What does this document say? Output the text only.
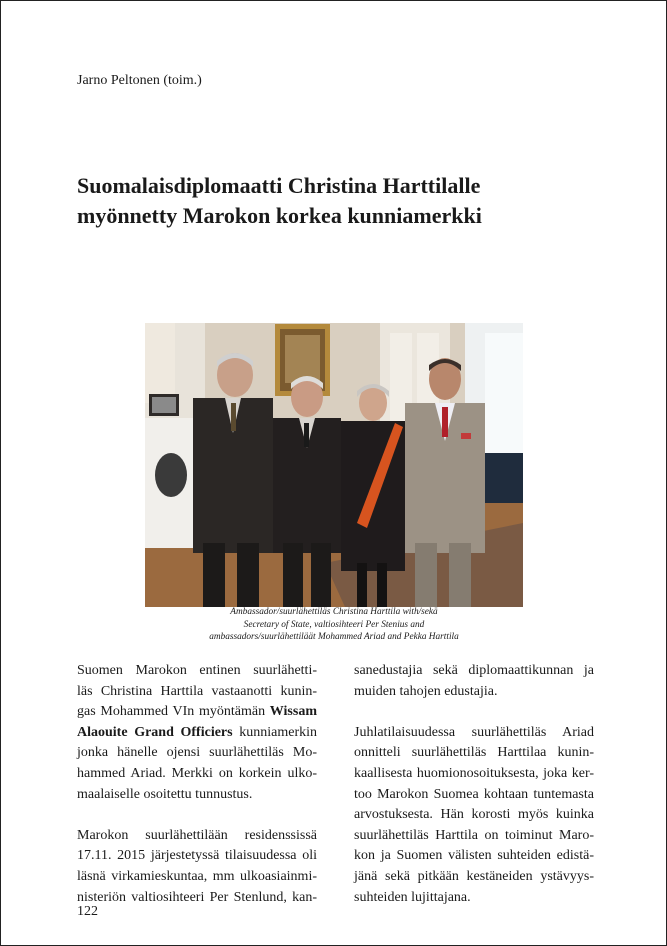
Jarno Peltonen (toim.)
Suomalaisdiplomaatti Christina Harttilalle
myönnetty Marokon korkea kunniamerkki
Ambassador/suurlähettiläs Christina Harttila with/sekä
Secretary of State, valtiosihteeri Per Stenius and
ambassadors/suurlähettiläät Mohammed Ariad and Pekka Harttila

Suomen Marokon entinen suurlähetti-

läs Christina Harttila vastaanotti kunin-

gas Mohammed VIn myöntämän Wissam

Alaouite Grand Officiers kunniamerkin

jonka hänelle ojensi suurlähettiläs Mo-

hammed Ariad. Merkki on korkein ulko-

maalaiselle osoitettu tunnustus.

Marokon suurlähettilään residenssissä

17.11. 2015 järjestetyssä tilaisuudessa oli

läsnä virkamieskuntaa, mm ulkoasiainmi-

nisteriön valtiosihteeri Per Stenlund, kan-

sanedustajia sekä diplomaattikunnan ja

muiden tahojen edustajia.

Juhlatilaisuudessa suurlähettiläs Ariad

onnitteli suurlähettiläs Harttilaa kunin-

kaallisesta huomionosoituksesta, joka ker-

too Marokon Suomea kohtaan tuntemasta

arvostuksesta. Hän korosti myös kuinka

suurlähettiläs Harttila on toiminut Maro-

kon ja Suomen välisten suhteiden edistä-

jänä sekä pitkään kestäneiden ystävyys-

suhteiden lujittajana.

122
